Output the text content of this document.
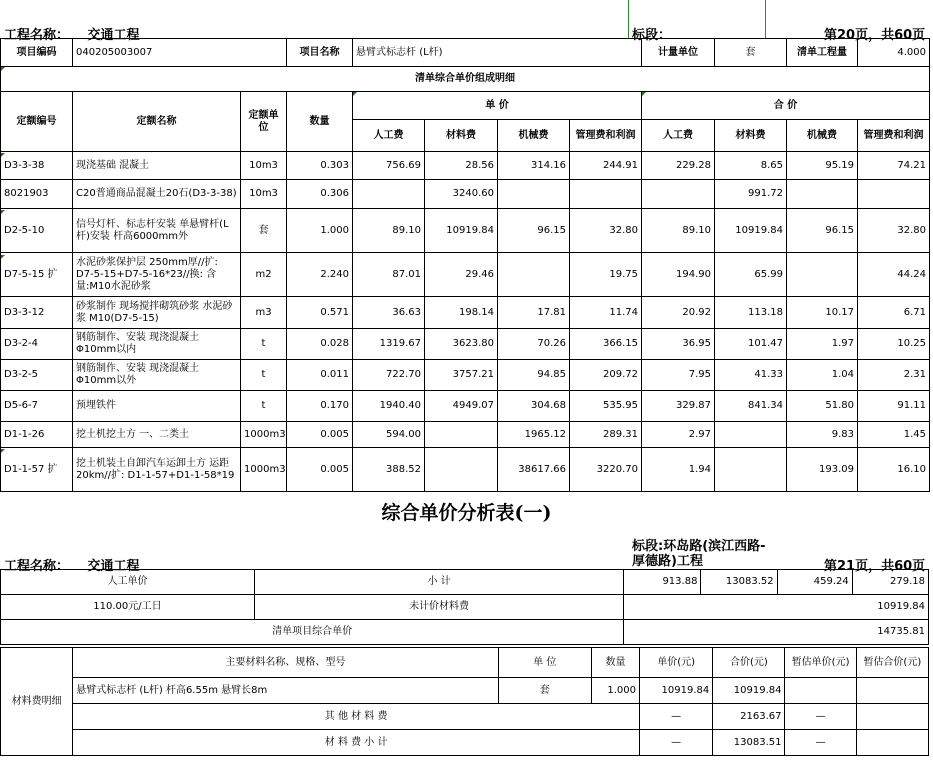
工程名称： 交通工程	标段：	第20页，共60页
项目编码	040205003007		项目名称	悬臂式标志杆 (L杆)				计量单位	套	清单工程量	4.000
清单综合单价组成明细											
定额编号	定额名称	定额单位	数量	单 价				合 价			
				人工费	材料费	机械费	管理费和利润	人工费	材料费	机械费	管理费和利润
D3-3-38	现浇基础 混凝土	10m3	0.303	756.69	28.56	314.16	244.91	229.28	8.65	95.19	74.21
8021903	C20普通商品混凝土20石(D3-3-38)	10m3	0.306		3240.60				991.72		
D2-5-10	信号灯杆、标志杆安装 单悬臂杆(L杆)安装 杆高6000mm外	套	1.000	89.10	10919.84	96.15	32.80	89.10	10919.84	96.15	32.80
D7-5-15 扩	水泥砂浆保护层 250mm厚//扩: D7-5-15+D7-5-16*23//换: 含量:M10水泥砂浆	m2	2.240	87.01	29.46		19.75	194.90	65.99		44.24
D3-3-12	砂浆制作 现场搅拌砌筑砂浆 水泥砂浆 M10(D7-5-15)	m3	0.571	36.63	198.14	17.81	11.74	20.92	113.18	10.17	6.71
D3-2-4	钢筋制作、安装 现浇混凝土 Φ10mm以内	t	0.028	1319.67	3623.80	70.26	366.15	36.95	101.47	1.97	10.25
D3-2-5	钢筋制作、安装 现浇混凝土 Φ10mm以外	t	0.011	722.70	3757.21	94.85	209.72	7.95	41.33	1.04	2.31
D5-6-7	预埋铁件	t	0.170	1940.40	4949.07	304.68	535.95	329.87	841.34	51.80	91.11
D1-1-26	挖土机挖土方 一、二类土	1000m3	0.005	594.00		1965.12	289.31	2.97		9.83	1.45
D1-1-57 扩	挖土机装土自卸汽车运卸土方 运距20km//扩: D1-1-57+D1-1-58*19	1000m3	0.005	388.52		38617.66	3220.70	1.94		193.09	16.10
综合单价分析表(一)
工程名称： 交通工程
标段:环岛路(滨江西路-厚德路)工程	第21页，共60页
人工单价	小 计	913.88	13083.52	459.24	279.18
110.00元/工日	未计价材料费	10919.84			
清单项目综合单价		14735.81			
材料费明细	主要材料名称、规格、型号	单 位	数量	单价(元)	合价(元)	暂估单价(元)	暂估合价(元)
	悬臂式标志杆 (L杆) 杆高6.55m 悬臂长8m	套	1.000	10919.84	10919.84		
	其 他 材 料 费			—	2163.67	—	
	材 料 费 小 计			—	13083.51	—	
